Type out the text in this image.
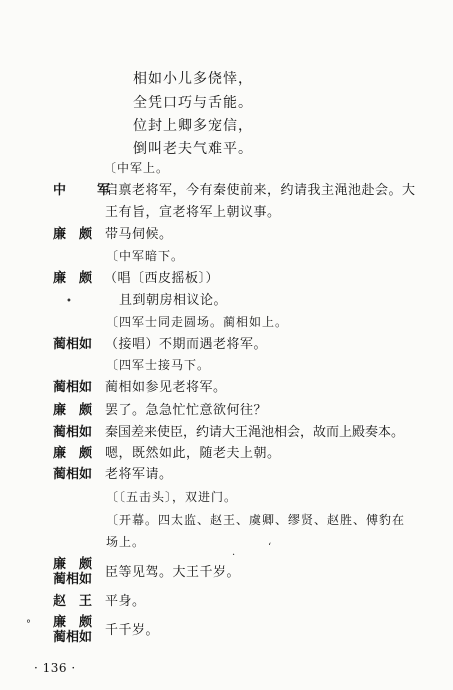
相如小儿多侥悻，
全凭口巧与舌能。
位封上卿多宠信，
倒叫老夫气难平。
〔中军上。
中　军
启禀老将军，今有秦使前来，约请我主渑池赴会。大
王有旨，宣老将军上朝议事。
廉　颇 带马伺候。
〔中军暗下。
廉　颇 （唱〔西皮摇板〕）
且到朝房相议论。
•
〔四军士同走圆场。蔺相如上。
蔺相如 （接唱）不期而遇老将军。
〔四军士接马下。
蔺相如 蔺相如参见老将军。
廉　颇 罢了。急急忙忙意欲何往？
蔺相如 秦国差来使臣，约请大王渑池相会，故而上殿奏本。
廉　颇 嗯，既然如此，随老夫上朝。
蔺相如 老将军请。
〔〔五击头〕，双进门。
〔开幕。四太监、赵王、虞卿、缪贤、赵胜、傅豹在
场上。
·
ʻ
廉　颇
蔺相如 臣等见驾。大王千岁。
赵　王 平身。
° 廉　颇
蔺相如 千千岁。
· 136 ·
